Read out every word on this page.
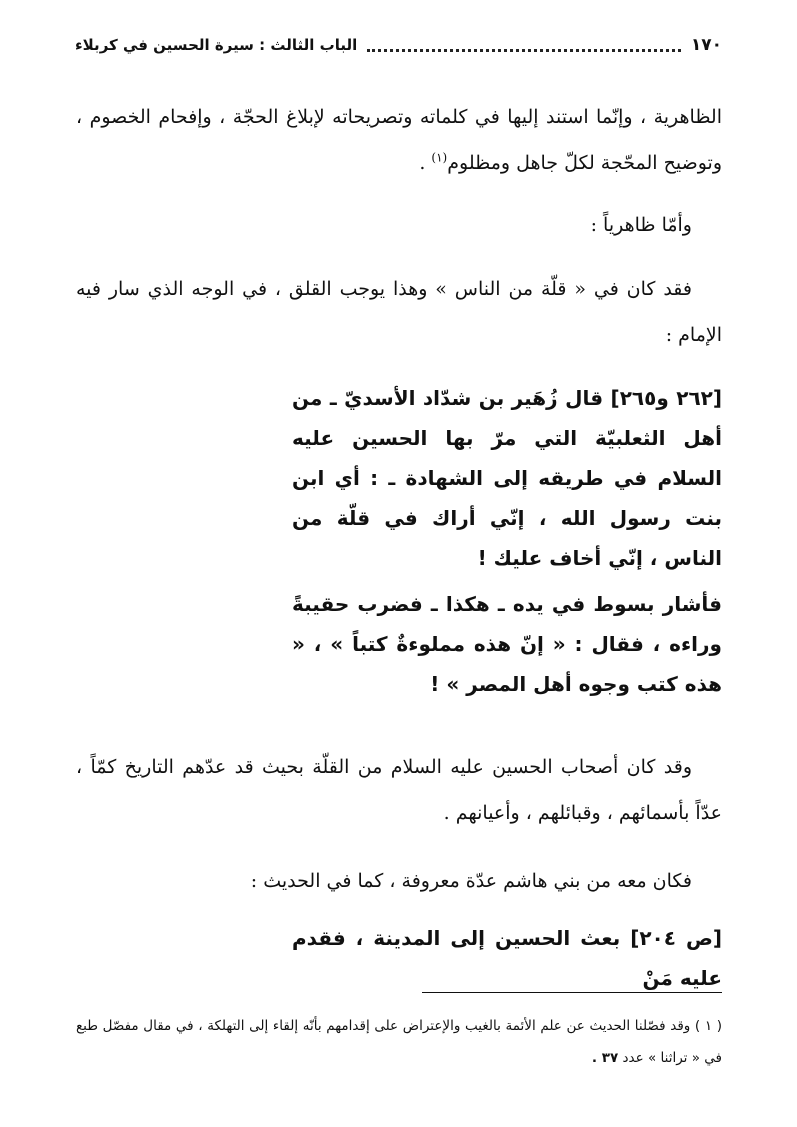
١٧٠
الباب الثالث : سيرة الحسين في كربلاء

الظاهرية ، وإنّما استند إليها في كلماته وتصريحاته لإبلاغ الحجّة ، وإفحام الخصوم ، وتوضيح المحّجة لكلّ جاهل ومظلوم$^{(١)}$ .

وأمّا ظاهرياً :

فقد كان في « قلّة من الناس » وهذا يوجب القلق ، في الوجه الذي سار فيه الإمام :

[٢٦٢ و٢٦٥] قال زُهَير بن شدّاد الأسديّ ـ من أهل الثعلبيّة التي مرّ بها الحسين عليه السلام في طريقه إلى الشهادة ـ : أي ابن بنت رسول الله ، إنّي أراك في قلّة من الناس ، إنّي أخاف عليك !

فأشار بسوط في يده ـ هكذا ـ فضرب حقيبةً وراءه ، فقال : « إنّ هذه مملوءةٌ كتباً » ، « هذه كتب وجوه أهل المصر » !

وقد كان أصحاب الحسين عليه السلام من القلّة بحيث قد عدّهم التاريخ كمّاً ، عدّاً بأسمائهم ، وقبائلهم ، وأعيانهم .

فكان معه من بني هاشم عدّة معروفة ، كما في الحديث :

[ص ٢٠٤] بعث الحسين إلى المدينة ، فقدم عليه مَنْ

( ١ ) وقد فصّلنا الحديث عن علم الأئمة بالغيب والإعتراض على إقدامهم بأنّه إلقاء إلى التهلكة ، في مقال مفصّل طبع في « تراثنا » عدد ٣٧ .
